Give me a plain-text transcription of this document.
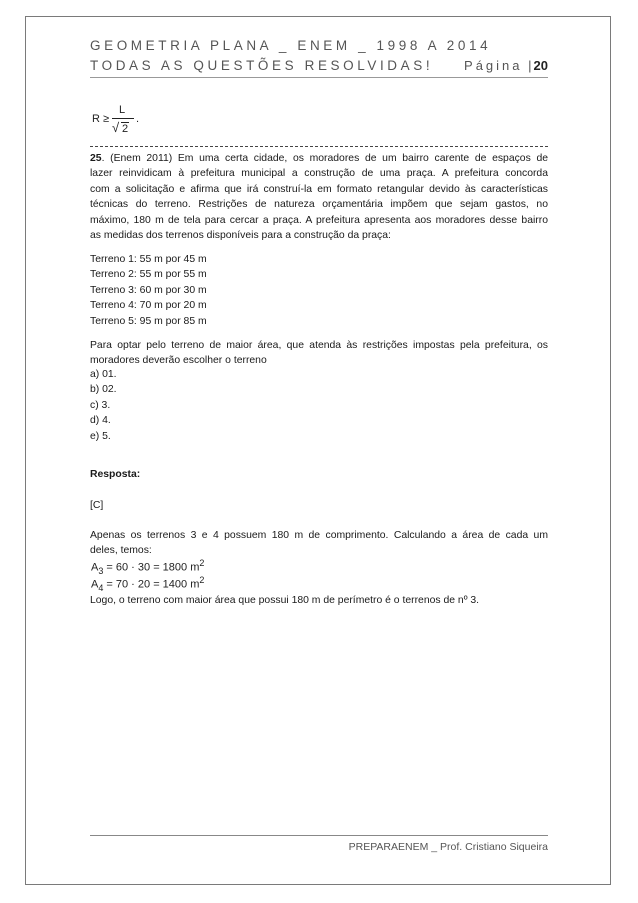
GEOMETRIA PLANA _ ENEM _ 1998 A 2014
TODAS AS QUESTÕES RESOLVIDAS! Página | 20
R ≥
L
√ 2
.
25. (Enem 2011) Em uma certa cidade, os moradores de um bairro carente de espaços de
lazer reinvidicam à prefeitura municipal a construção de uma praça. A prefeitura concorda
com a solicitação e afirma que irá construí-la em formato retangular devido às características
técnicas do terreno. Restrições de natureza orçamentária impõem que sejam gastos, no
máximo, 180 m de tela para cercar a praça. A prefeitura apresenta aos moradores desse bairro
as medidas dos terrenos disponíveis para a construção da praça:
Terreno 1: 55 m por 45 m
Terreno 2: 55 m por 55 m
Terreno 3: 60 m por 30 m
Terreno 4: 70 m por 20 m
Terreno 5: 95 m por 85 m
Para optar pelo terreno de maior área, que atenda às restrições impostas pela prefeitura, os
moradores deverão escolher o terreno
a) 01.
b) 02.
c) 3.
d) 4.
e) 5.
Resposta:
[C]
Apenas os terrenos 3 e 4 possuem 180 m de comprimento. Calculando a área de cada um
deles, temos:
$A_3 = 60 \cdot 30 = 1800$ $m^2$
$A_4 = 70 \cdot 20 = 1400$ $m^2$
Logo, o terreno com maior área que possui 180 m de perímetro é o terrenos de nº 3.
PREPARAENEM _ Prof. Cristiano Siqueira
